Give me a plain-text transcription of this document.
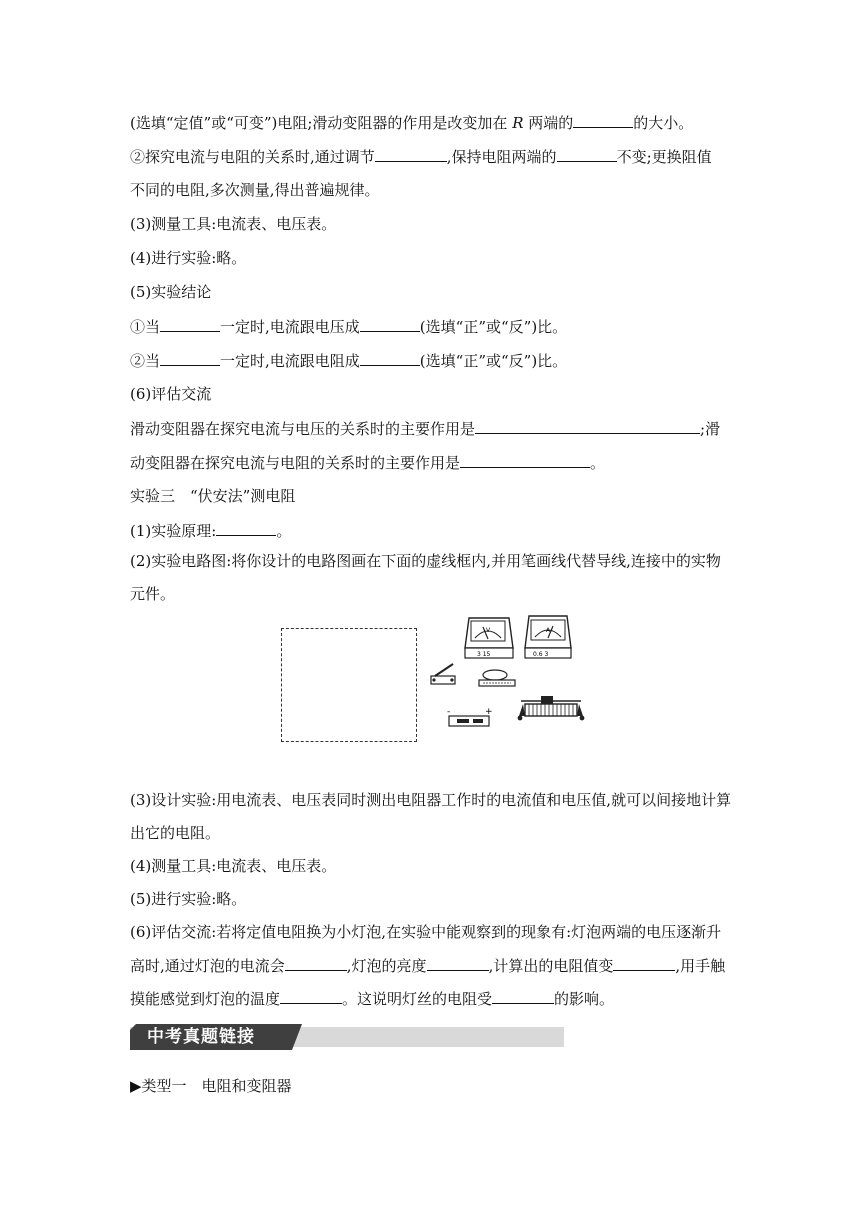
(选填“定值”或“可变”)电阻;滑动变阻器的作用是改变加在 R 两端的	的大小。
②探究电流与电阻的关系时,通过调节	,保持电阻两端的	不变;更换阻值
不同的电阻,多次测量,得出普遍规律。
(3)测量工具:电流表、电压表。
(4)进行实验:略。
(5)实验结论
①当	一定时,电流跟电压成	(选填“正”或“反”)比。
②当	一定时,电流跟电阻成	(选填“正”或“反”)比。
(6)评估交流
滑动变阻器在探究电流与电压的关系时的主要作用是	;滑
动变阻器在探究电流与电阻的关系时的主要作用是	。
实验三　“伏安法”测电阻
(1)实验原理:	。
(2)实验电路图:将你设计的电路图画在下面的虚线框内,并用笔画线代替导线,连接中的实物
元件。
V
3 15
A
0.6 3
-	+
(3)设计实验:用电流表、电压表同时测出电阻器工作时的电流值和电压值,就可以间接地计算
出它的电阻。
(4)测量工具:电流表、电压表。
(5)进行实验:略。
(6)评估交流:若将定值电阻换为小灯泡,在实验中能观察到的现象有:灯泡两端的电压逐渐升
高时,通过灯泡的电流会	,灯泡的亮度	,计算出的电阻值变	,用手触
摸能感觉到灯泡的温度	。这说明灯丝的电阻受	的影响。
中考真题链接
▶类型一　电阻和变阻器
